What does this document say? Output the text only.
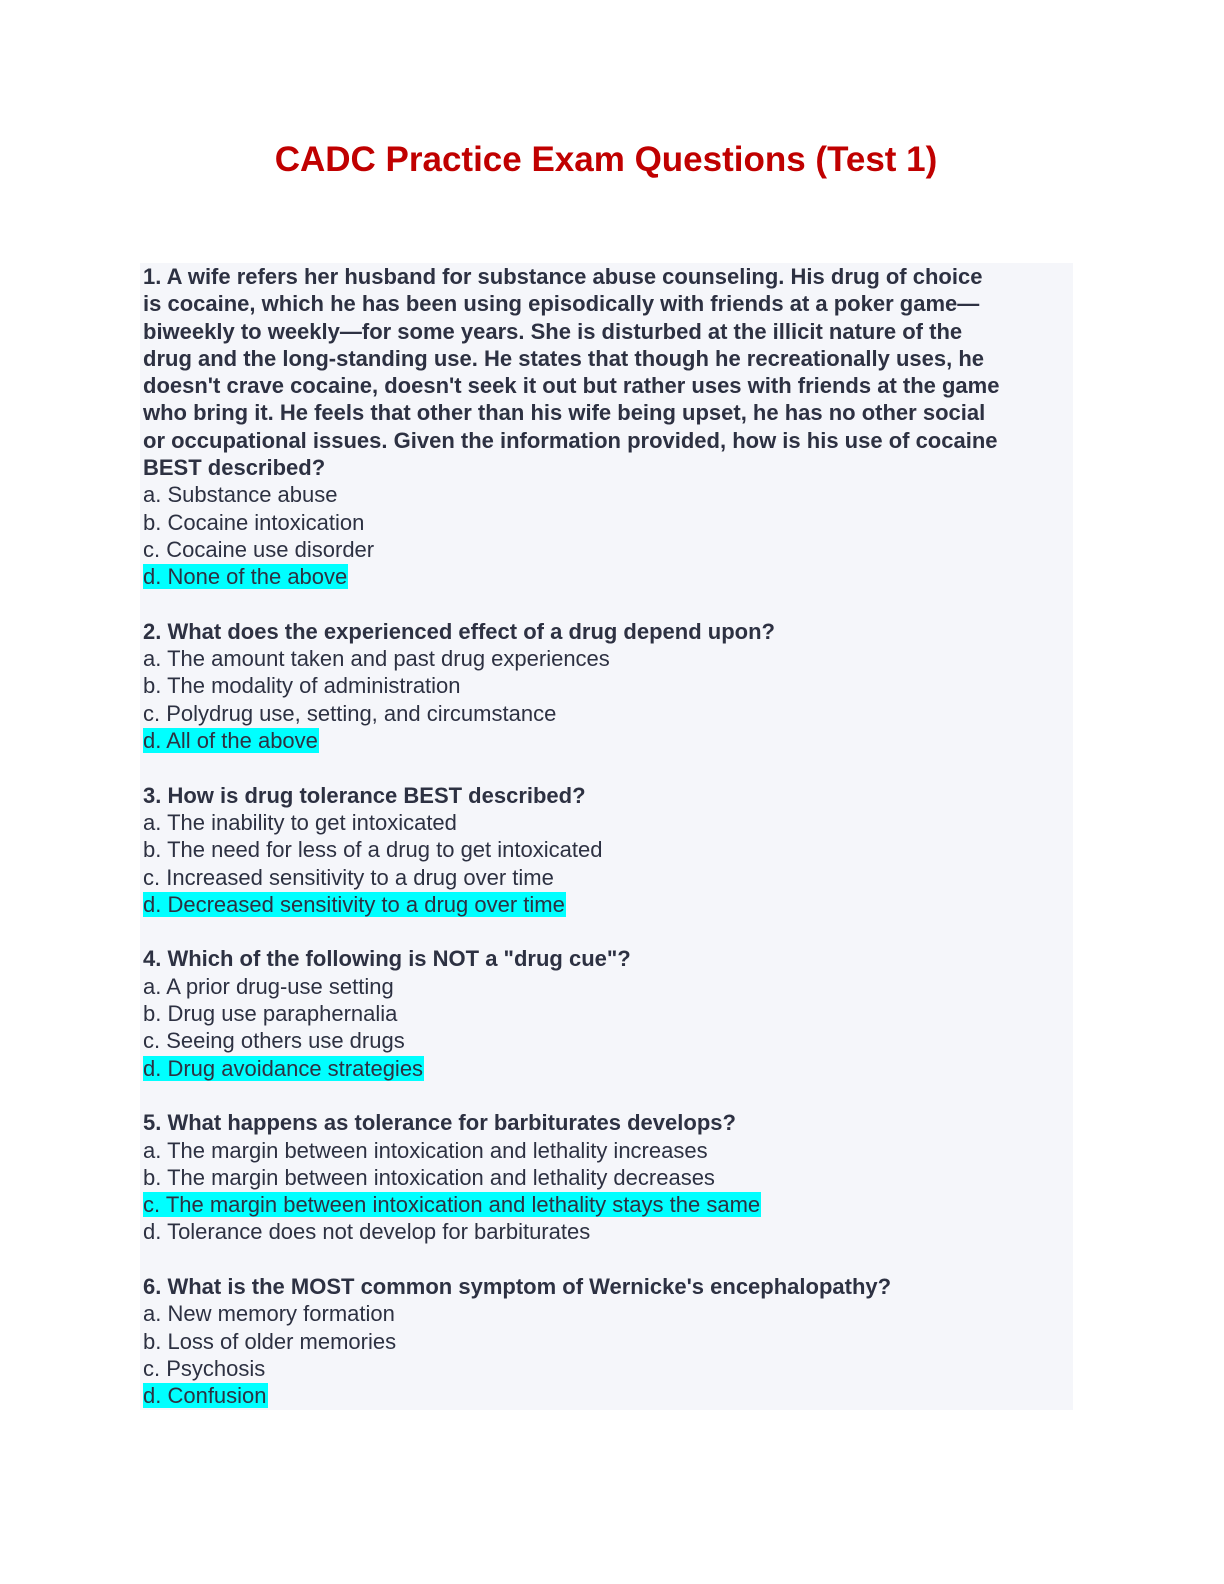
CADC Practice Exam Questions (Test 1)
1. A wife refers her husband for substance abuse counseling. His drug of choice
is cocaine, which he has been using episodically with friends at a poker game—
biweekly to weekly—for some years. She is disturbed at the illicit nature of the
drug and the long-standing use. He states that though he recreationally uses, he
doesn't crave cocaine, doesn't seek it out but rather uses with friends at the game
who bring it. He feels that other than his wife being upset, he has no other social
or occupational issues. Given the information provided, how is his use of cocaine
BEST described?
a. Substance abuse
b. Cocaine intoxication
c. Cocaine use disorder
d. None of the above
2. What does the experienced effect of a drug depend upon?
a. The amount taken and past drug experiences
b. The modality of administration
c. Polydrug use, setting, and circumstance
d. All of the above
3. How is drug tolerance BEST described?
a. The inability to get intoxicated
b. The need for less of a drug to get intoxicated
c. Increased sensitivity to a drug over time
d. Decreased sensitivity to a drug over time
4. Which of the following is NOT a "drug cue"?
a. A prior drug-use setting
b. Drug use paraphernalia
c. Seeing others use drugs
d. Drug avoidance strategies
5. What happens as tolerance for barbiturates develops?
a. The margin between intoxication and lethality increases
b. The margin between intoxication and lethality decreases
c. The margin between intoxication and lethality stays the same
d. Tolerance does not develop for barbiturates
6. What is the MOST common symptom of Wernicke's encephalopathy?
a. New memory formation
b. Loss of older memories
c. Psychosis
d. Confusion
